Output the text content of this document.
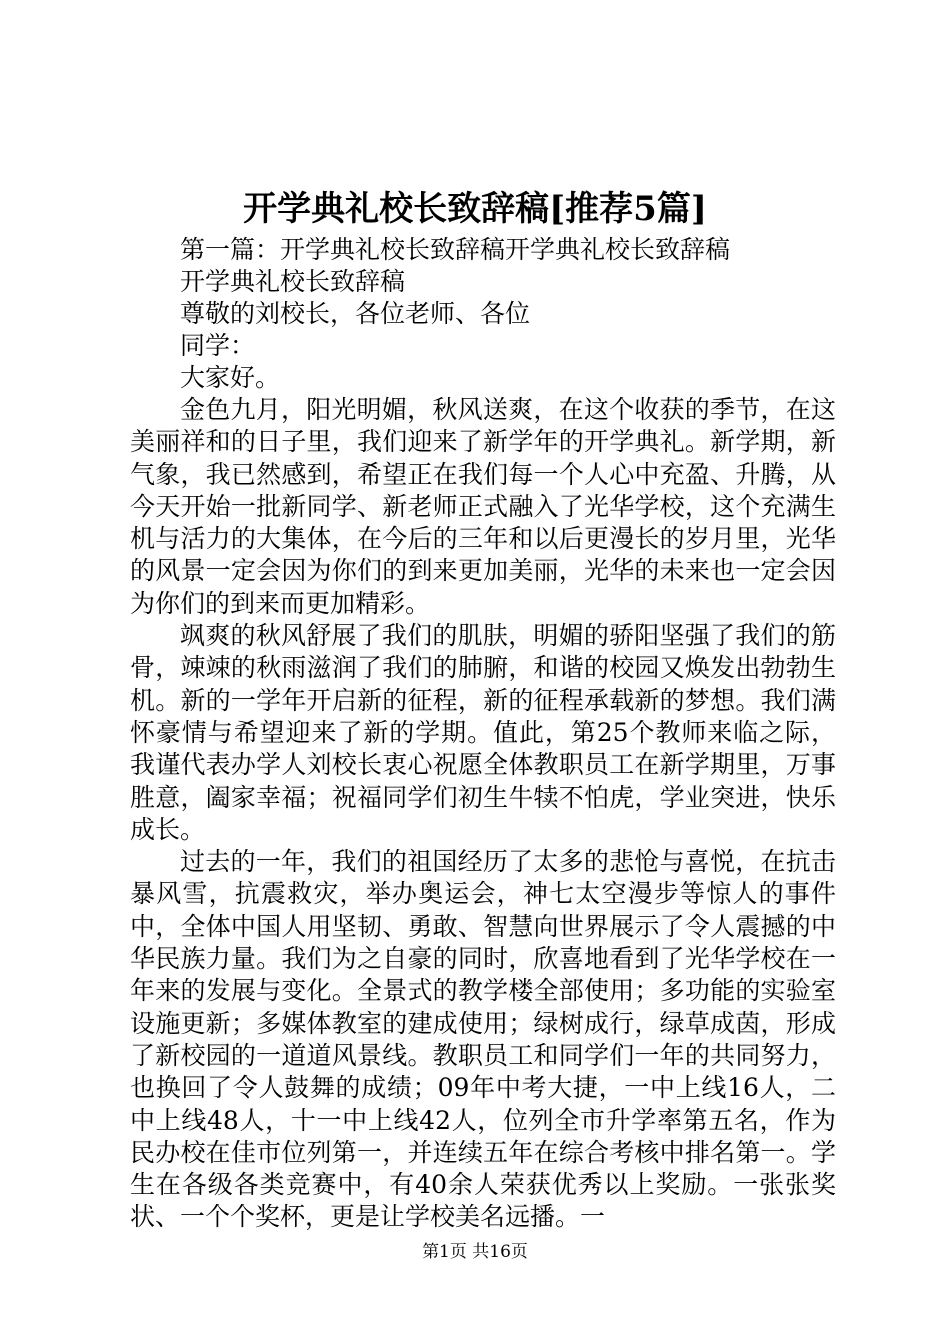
开学典礼校长致辞稿[推荐5篇]

第一篇：开学典礼校长致辞稿开学典礼校长致辞稿

开学典礼校长致辞稿

尊敬的刘校长，各位老师、各位

同学：

大家好。

金色九月，阳光明媚，秋风送爽，在这个收获的季节，在这美丽祥和的日子里，我们迎来了新学年的开学典礼。新学期，新气象，我已然感到，希望正在我们每一个人心中充盈、升腾，从今天开始一批新同学、新老师正式融入了光华学校，这个充满生机与活力的大集体，在今后的三年和以后更漫长的岁月里，光华的风景一定会因为你们的到来更加美丽，光华的未来也一定会因为你们的到来而更加精彩。

飒爽的秋风舒展了我们的肌肤，明媚的骄阳坚强了我们的筋骨，竦竦的秋雨滋润了我们的肺腑，和谐的校园又焕发出勃勃生机。新的一学年开启新的征程，新的征程承载新的梦想。我们满怀豪情与希望迎来了新的学期。值此，第25个教师来临之际，我谨代表办学人刘校长衷心祝愿全体教职员工在新学期里，万事胜意，阖家幸福；祝福同学们初生牛犊不怕虎，学业突进，快乐成长。

过去的一年，我们的祖国经历了太多的悲怆与喜悦，在抗击暴风雪，抗震救灾，举办奥运会，神七太空漫步等惊人的事件中，全体中国人用坚韧、勇敢、智慧向世界展示了令人震撼的中华民族力量。我们为之自豪的同时，欣喜地看到了光华学校在一年来的发展与变化。全景式的教学楼全部使用；多功能的实验室设施更新；多媒体教室的建成使用；绿树成行，绿草成茵，形成了新校园的一道道风景线。教职员工和同学们一年的共同努力，也换回了令人鼓舞的成绩；09年中考大捷，一中上线16人，二中上线48人，十一中上线42人，位列全市升学率第五名，作为民办校在佳市位列第一，并连续五年在综合考核中排名第一。学生在各级各类竞赛中，有40余人荣获优秀以上奖励。一张张奖状、一个个奖杯，更是让学校美名远播。一

第1页 共16页
